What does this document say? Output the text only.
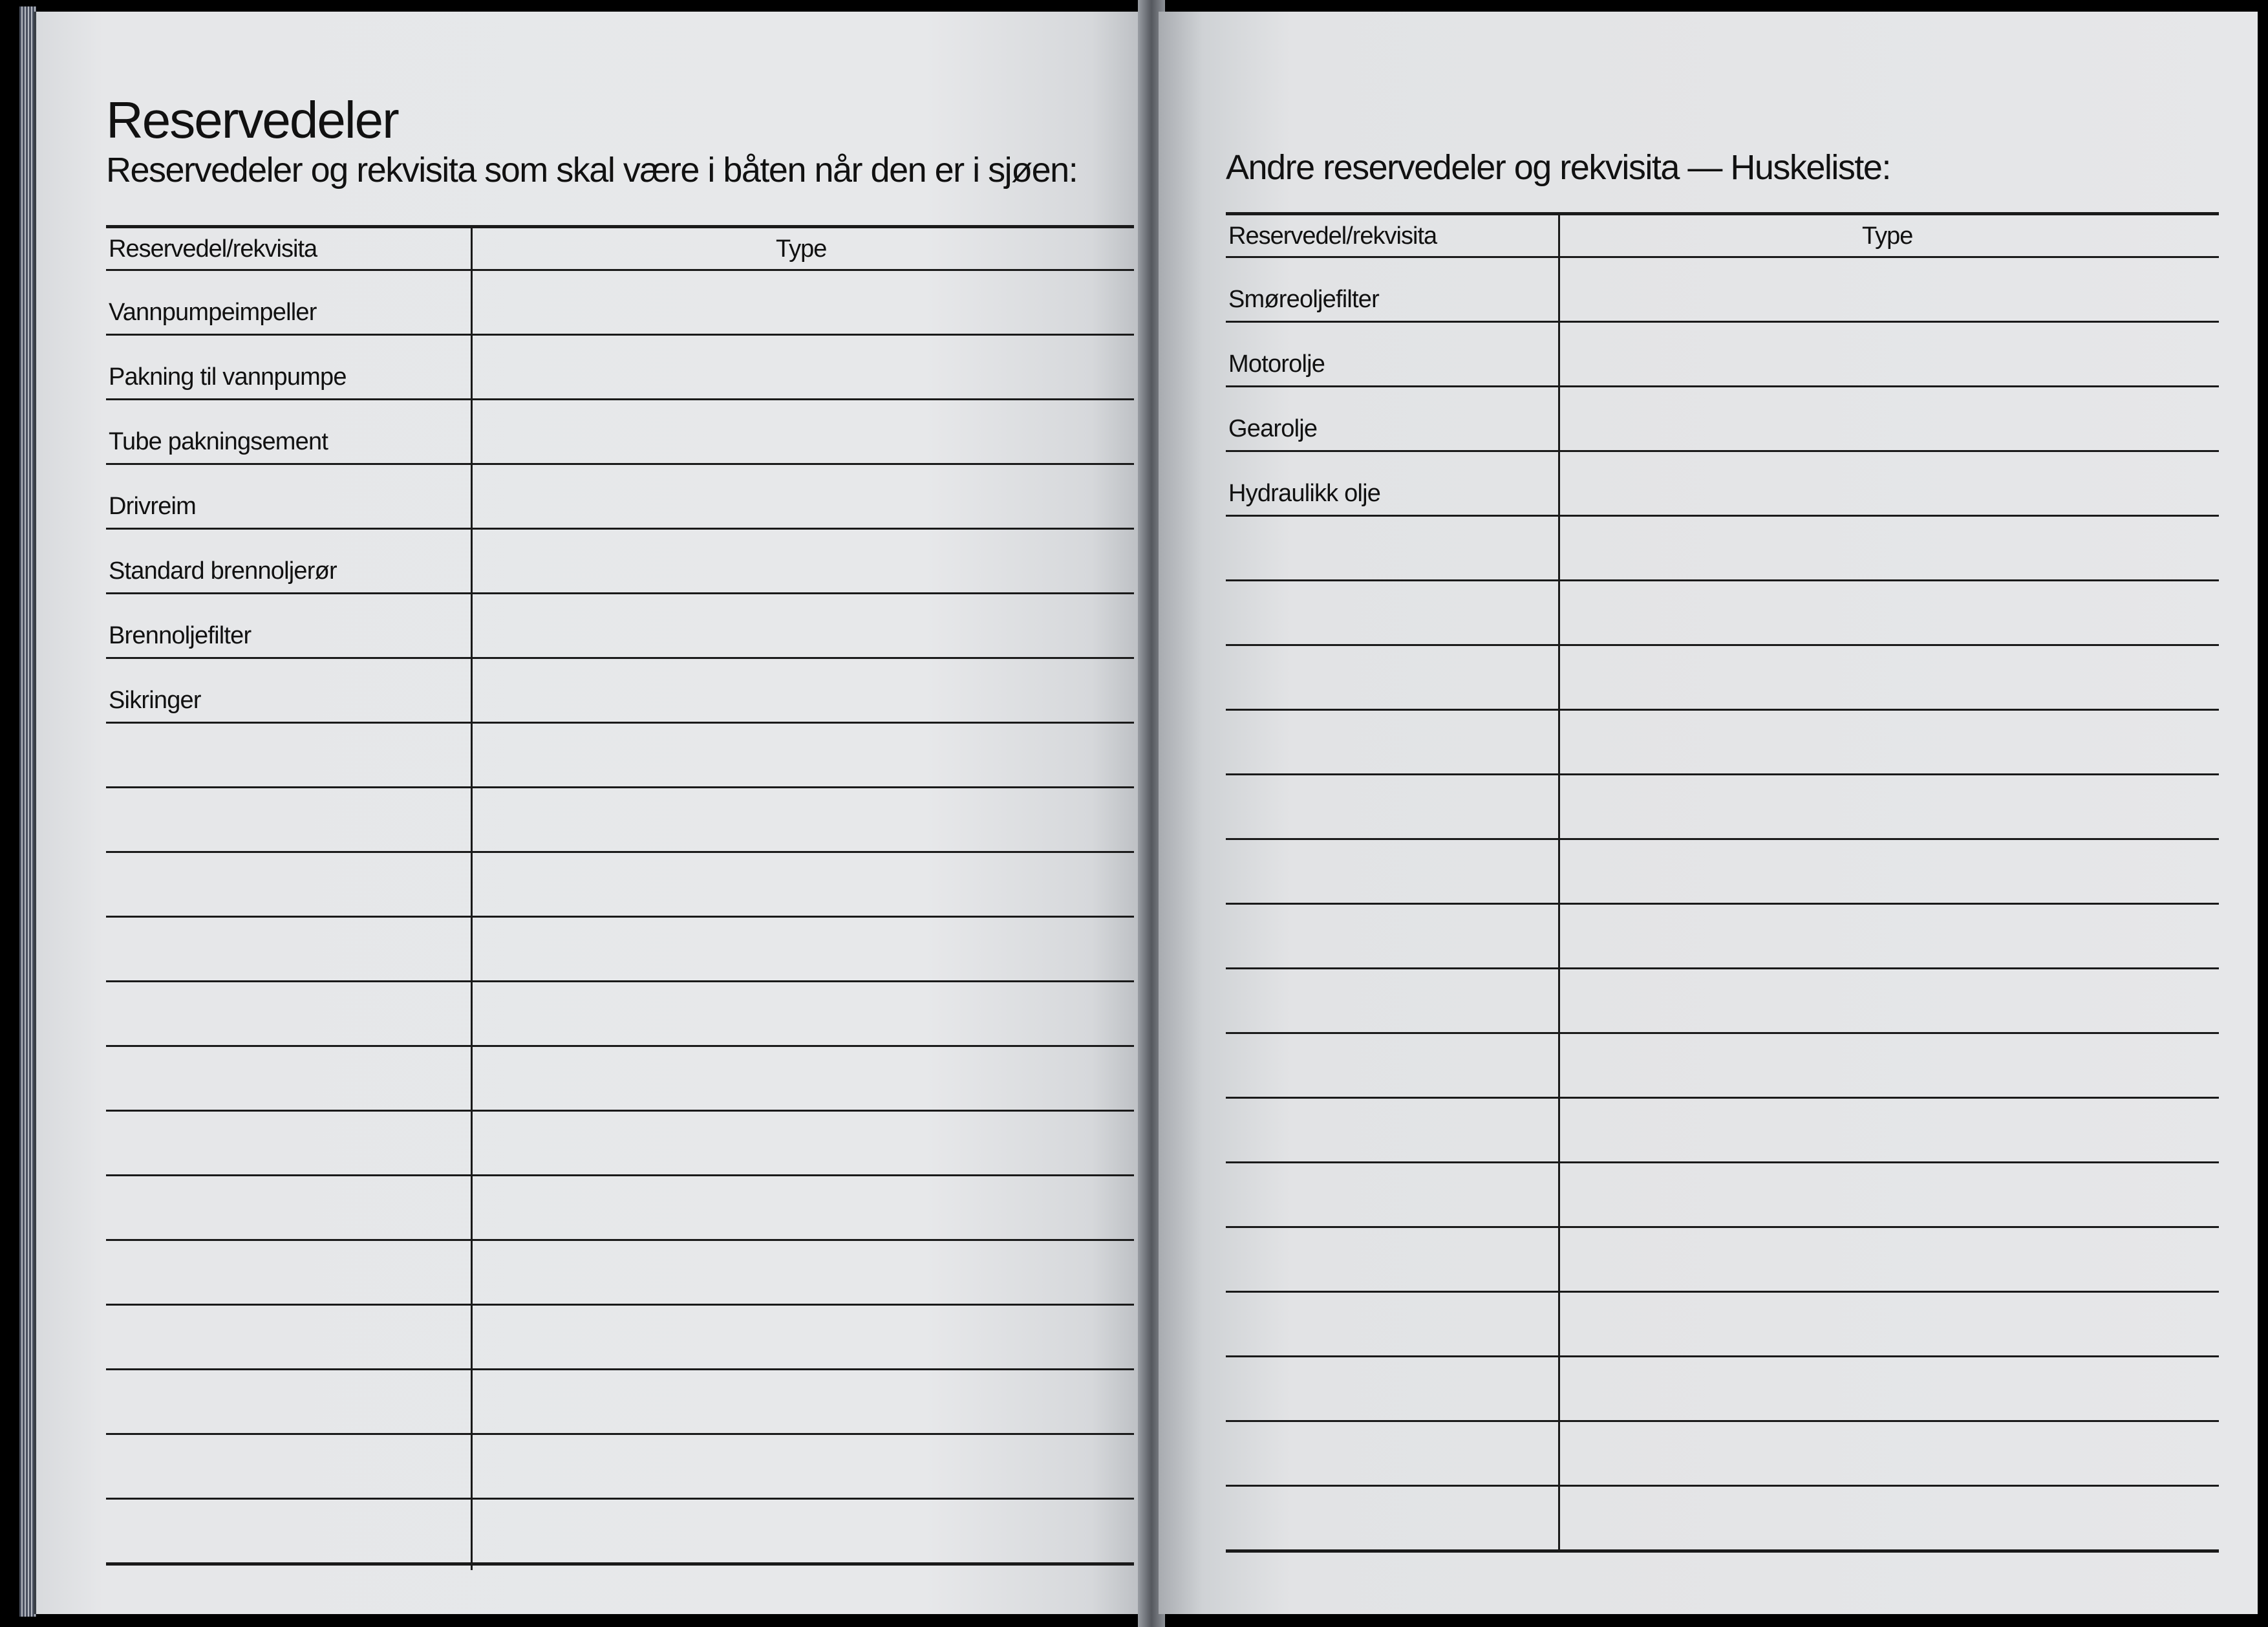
Reservedeler
Reservedeler og rekvisita som skal være i båten når den er i sjøen:
Reservedel/rekvisita	Type
Vannpumpeimpeller
Pakning til vannpumpe
Tube pakningsement
Drivreim
Standard brennoljerør
Brennoljefilter
Sikringer
Andre reservedeler og rekvisita — Huskeliste:
Reservedel/rekvisita	Type
Smøreoljefilter
Motorolje
Gearolje
Hydraulikk olje
